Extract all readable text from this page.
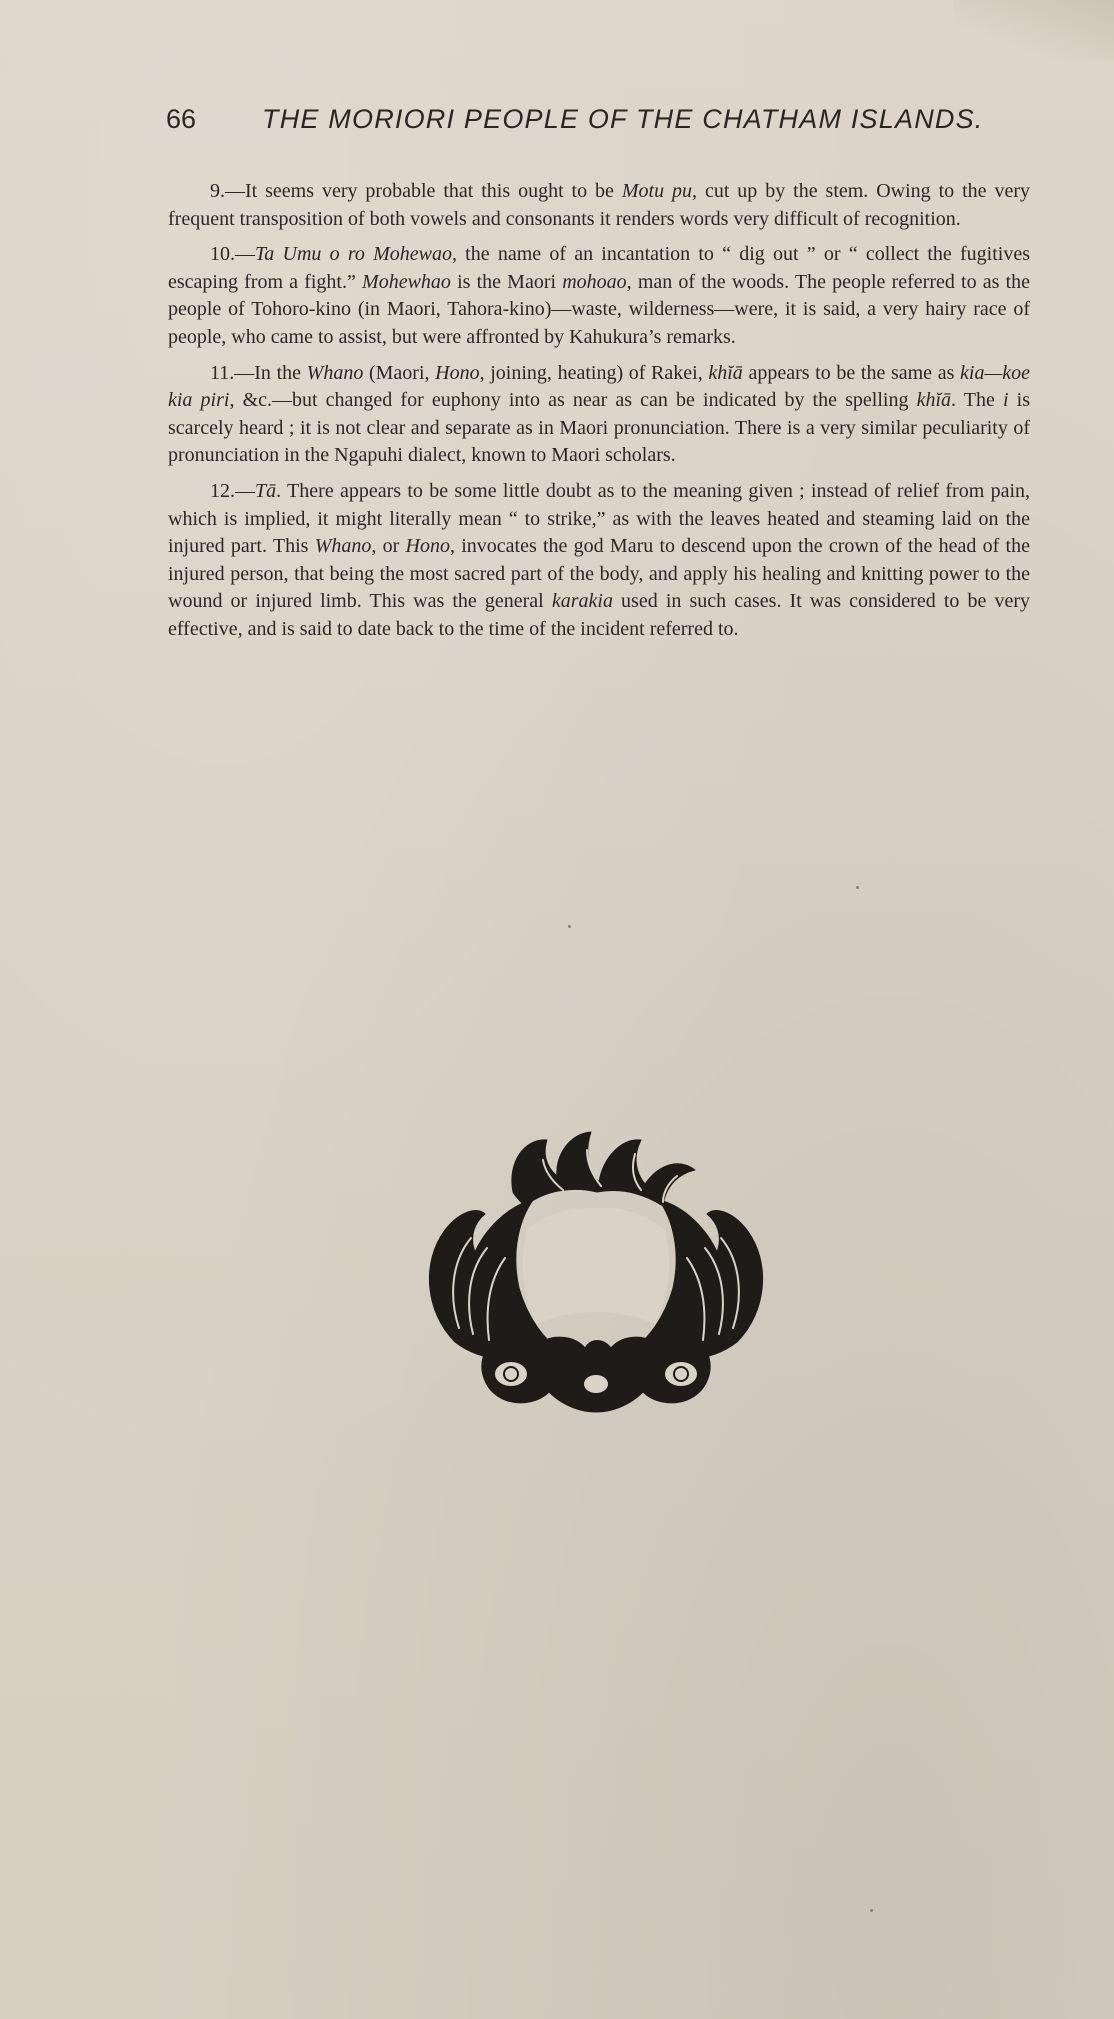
66 THE MORIORI PEOPLE OF THE CHATHAM ISLANDS.

9.—It seems very probable that this ought to be Motu pu, cut up by the stem. Owing to the very frequent transposition of both vowels and consonants it renders words very difficult of recognition.

10.—Ta Umu o ro Mohewao, the name of an incantation to “ dig out ” or “ collect the fugitives escaping from a fight.” Mohewhao is the Maori mohoao, man of the woods. The people referred to as the people of Tohoro-kino (in Maori, Tahora-kino)—waste, wilderness—were, it is said, a very hairy race of people, who came to assist, but were affronted by Kahukura’s remarks.

11.—In the Whano (Maori, Hono, joining, heating) of Rakei, khĭā appears to be the same as kia—koe kia piri, &c.—but changed for euphony into as near as can be indicated by the spelling khĭā. The i is scarcely heard ; it is not clear and separate as in Maori pronunciation. There is a very similar peculiarity of pronunciation in the Ngapuhi dialect, known to Maori scholars.

12.—Tā. There appears to be some little doubt as to the meaning given ; instead of relief from pain, which is implied, it might literally mean “ to strike,” as with the leaves heated and steaming laid on the injured part. This Whano, or Hono, invocates the god Maru to descend upon the crown of the head of the injured person, that being the most sacred part of the body, and apply his healing and knitting power to the wound or injured limb. This was the general karakia used in such cases. It was considered to be very effective, and is said to date back to the time of the incident referred to.
